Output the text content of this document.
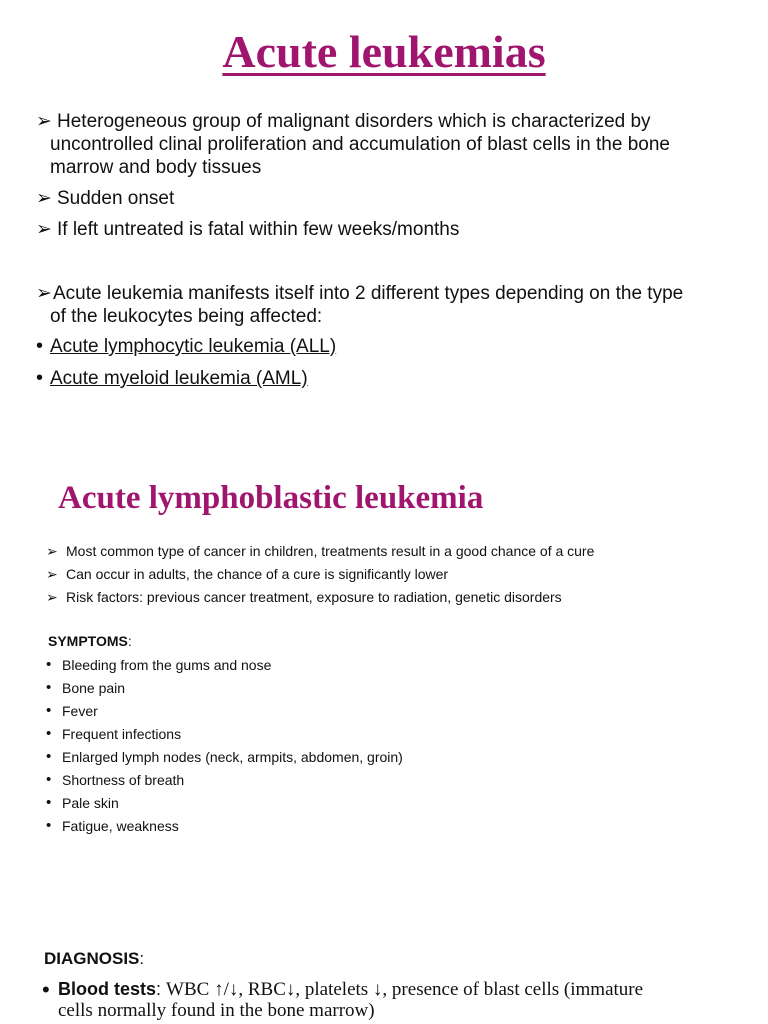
Acute leukemias
➢ Heterogeneous group of malignant disorders which is characterized by
uncontrolled clinal proliferation and accumulation of blast cells in the bone
marrow and body tissues
➢ Sudden onset
➢ If left untreated is fatal within few weeks/months
➢ Acute leukemia manifests itself into 2 different types depending on the type
of the leukocytes being affected:
• Acute lymphocytic leukemia (ALL)
• Acute myeloid leukemia (AML)
Acute lymphoblastic leukemia
➢ Most common type of cancer in children, treatments result in a good chance of a cure
➢ Can occur in adults, the chance of a cure is significantly lower
➢ Risk factors: previous cancer treatment, exposure to radiation, genetic disorders
SYMPTOMS:
• Bleeding from the gums and nose
• Bone pain
• Fever
• Frequent infections
• Enlarged lymph nodes (neck, armpits, abdomen, groin)
• Shortness of breath
• Pale skin
• Fatigue, weakness
DIAGNOSIS:
• Blood tests: WBC ↑/↓, RBC↓, platelets ↓, presence of blast cells (immature
cells normally found in the bone marrow)
